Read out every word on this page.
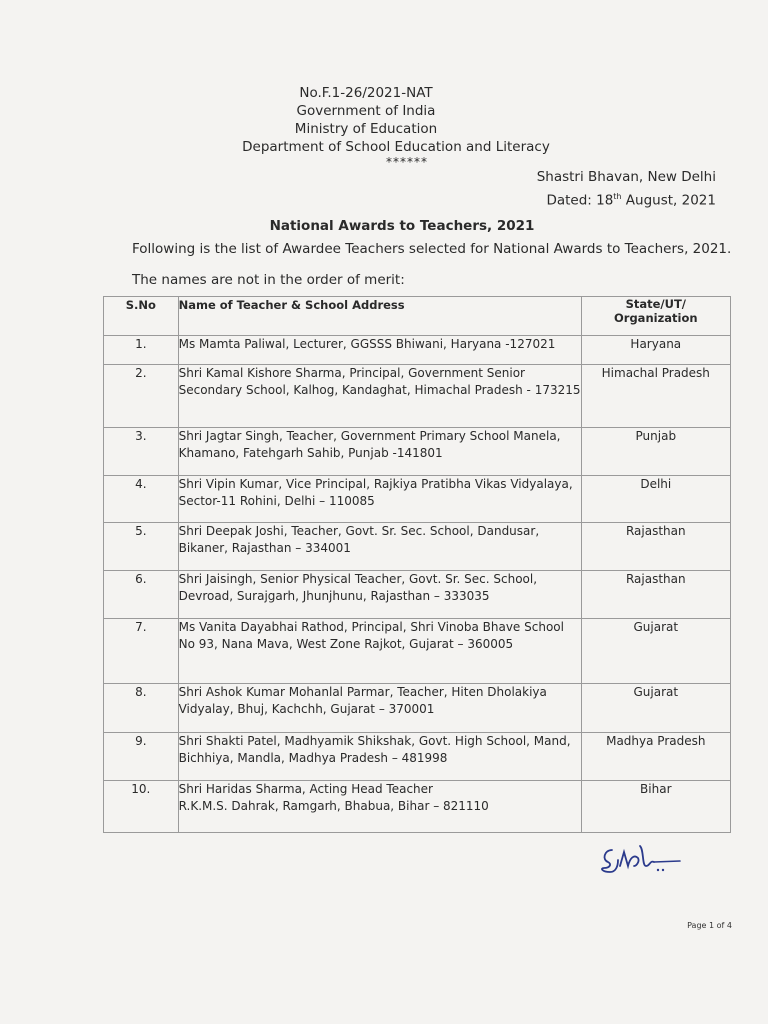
No.F.1-26/2021-NAT
Government of India
Ministry of Education
Department of School Education and Literacy
******
Shastri Bhavan, New Delhi
Dated: 18th August, 2021
National Awards to Teachers, 2021
Following is the list of Awardee Teachers selected for National Awards to Teachers, 2021.
The names are not in the order of merit:
S.No	Name of Teacher & School Address	State/UT/
Organization
1.	Ms Mamta Paliwal, Lecturer, GGSSS Bhiwani, Haryana -127021	Haryana
2.	Shri Kamal Kishore Sharma, Principal, Government Senior Secondary School, Kalhog, Kandaghat, Himachal Pradesh - 173215	Himachal Pradesh
3.	Shri Jagtar Singh, Teacher, Government Primary School Manela, Khamano, Fatehgarh Sahib, Punjab -141801	Punjab
4.	Shri Vipin Kumar, Vice Principal, Rajkiya Pratibha Vikas Vidyalaya, Sector-11 Rohini, Delhi – 110085	Delhi
5.	Shri Deepak Joshi, Teacher, Govt. Sr. Sec. School, Dandusar, Bikaner, Rajasthan – 334001	Rajasthan
6.	Shri Jaisingh, Senior Physical Teacher, Govt. Sr. Sec. School, Devroad, Surajgarh, Jhunjhunu, Rajasthan – 333035	Rajasthan
7.	Ms Vanita Dayabhai Rathod, Principal, Shri Vinoba Bhave School No 93, Nana Mava, West Zone Rajkot, Gujarat – 360005	Gujarat
8.	Shri Ashok Kumar Mohanlal Parmar, Teacher, Hiten Dholakiya Vidyalay, Bhuj, Kachchh, Gujarat – 370001	Gujarat
9.	Shri Shakti Patel, Madhyamik Shikshak, Govt. High School, Mand, Bichhiya, Mandla, Madhya Pradesh – 481998	Madhya Pradesh
10.	Shri Haridas Sharma, Acting Head Teacher
R.K.M.S. Dahrak, Ramgarh, Bhabua, Bihar – 821110	Bihar
Page 1 of 4
